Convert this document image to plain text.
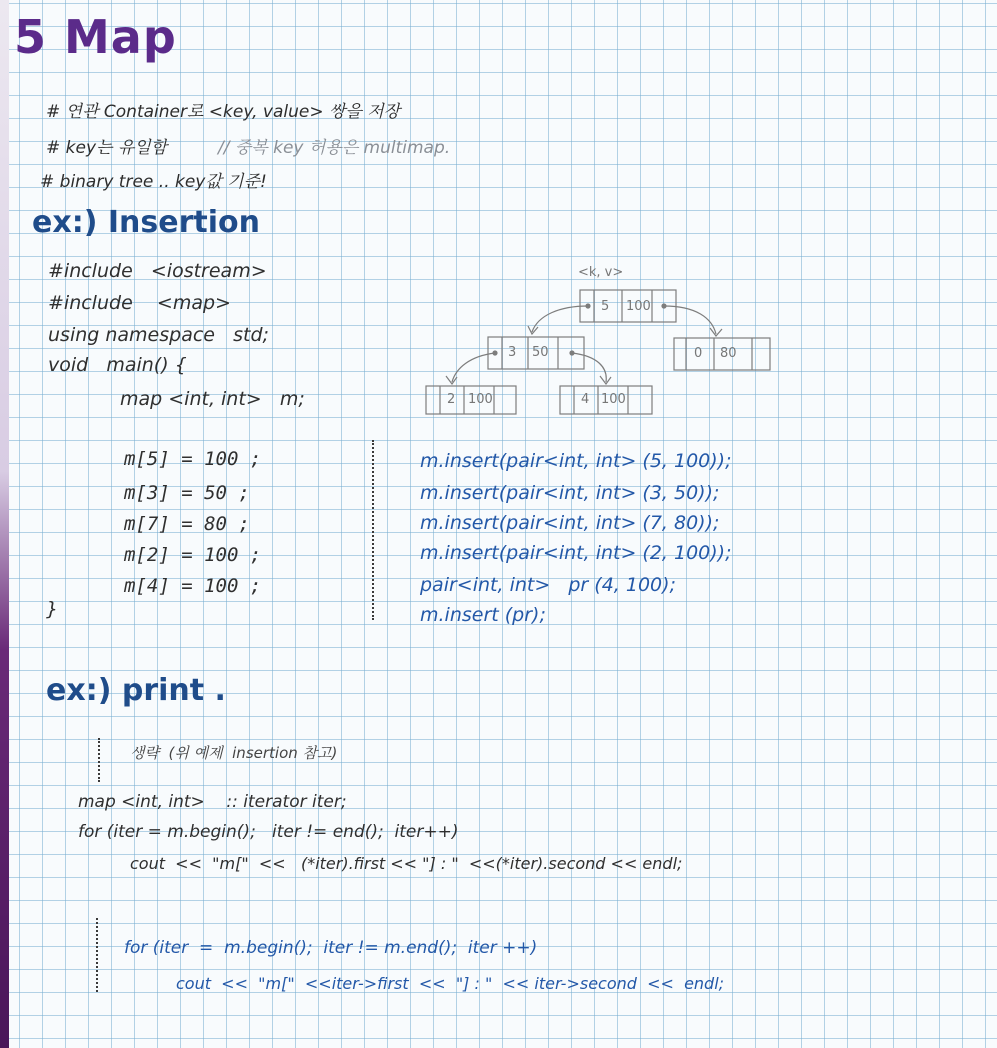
5 Map
# 연관 Container로 <key, value> 쌍을 저장
# key는 유일함	// 중복 key 허용은 multimap.
# binary tree .. key값 기준!
ex:) Insertion
#include   <iostream>
#include    <map>
using namespace   std;
void   main() {
map <int, int>   m;
m[5] = 100 ;
m[3] = 50 ;
m[7] = 80 ;
m[2] = 100 ;
m[4] = 100 ;
}
m.insert(pair<int, int> (5, 100));
m.insert(pair<int, int> (3, 50));
m.insert(pair<int, int> (7, 80));
m.insert(pair<int, int> (2, 100));
pair<int, int>   pr (4, 100);
m.insert (pr);
<k, v>
5 100
3 50	0 80
2 100	4 100
ex:) print .
생략  (위 예제  insertion 참고)
map <int, int>    :: iterator iter;
for (iter = m.begin();   iter != end();  iter++)
cout  <<  "m["  <<   (*iter).first << "] : "  <<(*iter).second << endl;
for (iter  =  m.begin();  iter != m.end();  iter ++)
cout  <<  "m["  <<iter->first  <<  "] : "  << iter->second  <<  endl;
